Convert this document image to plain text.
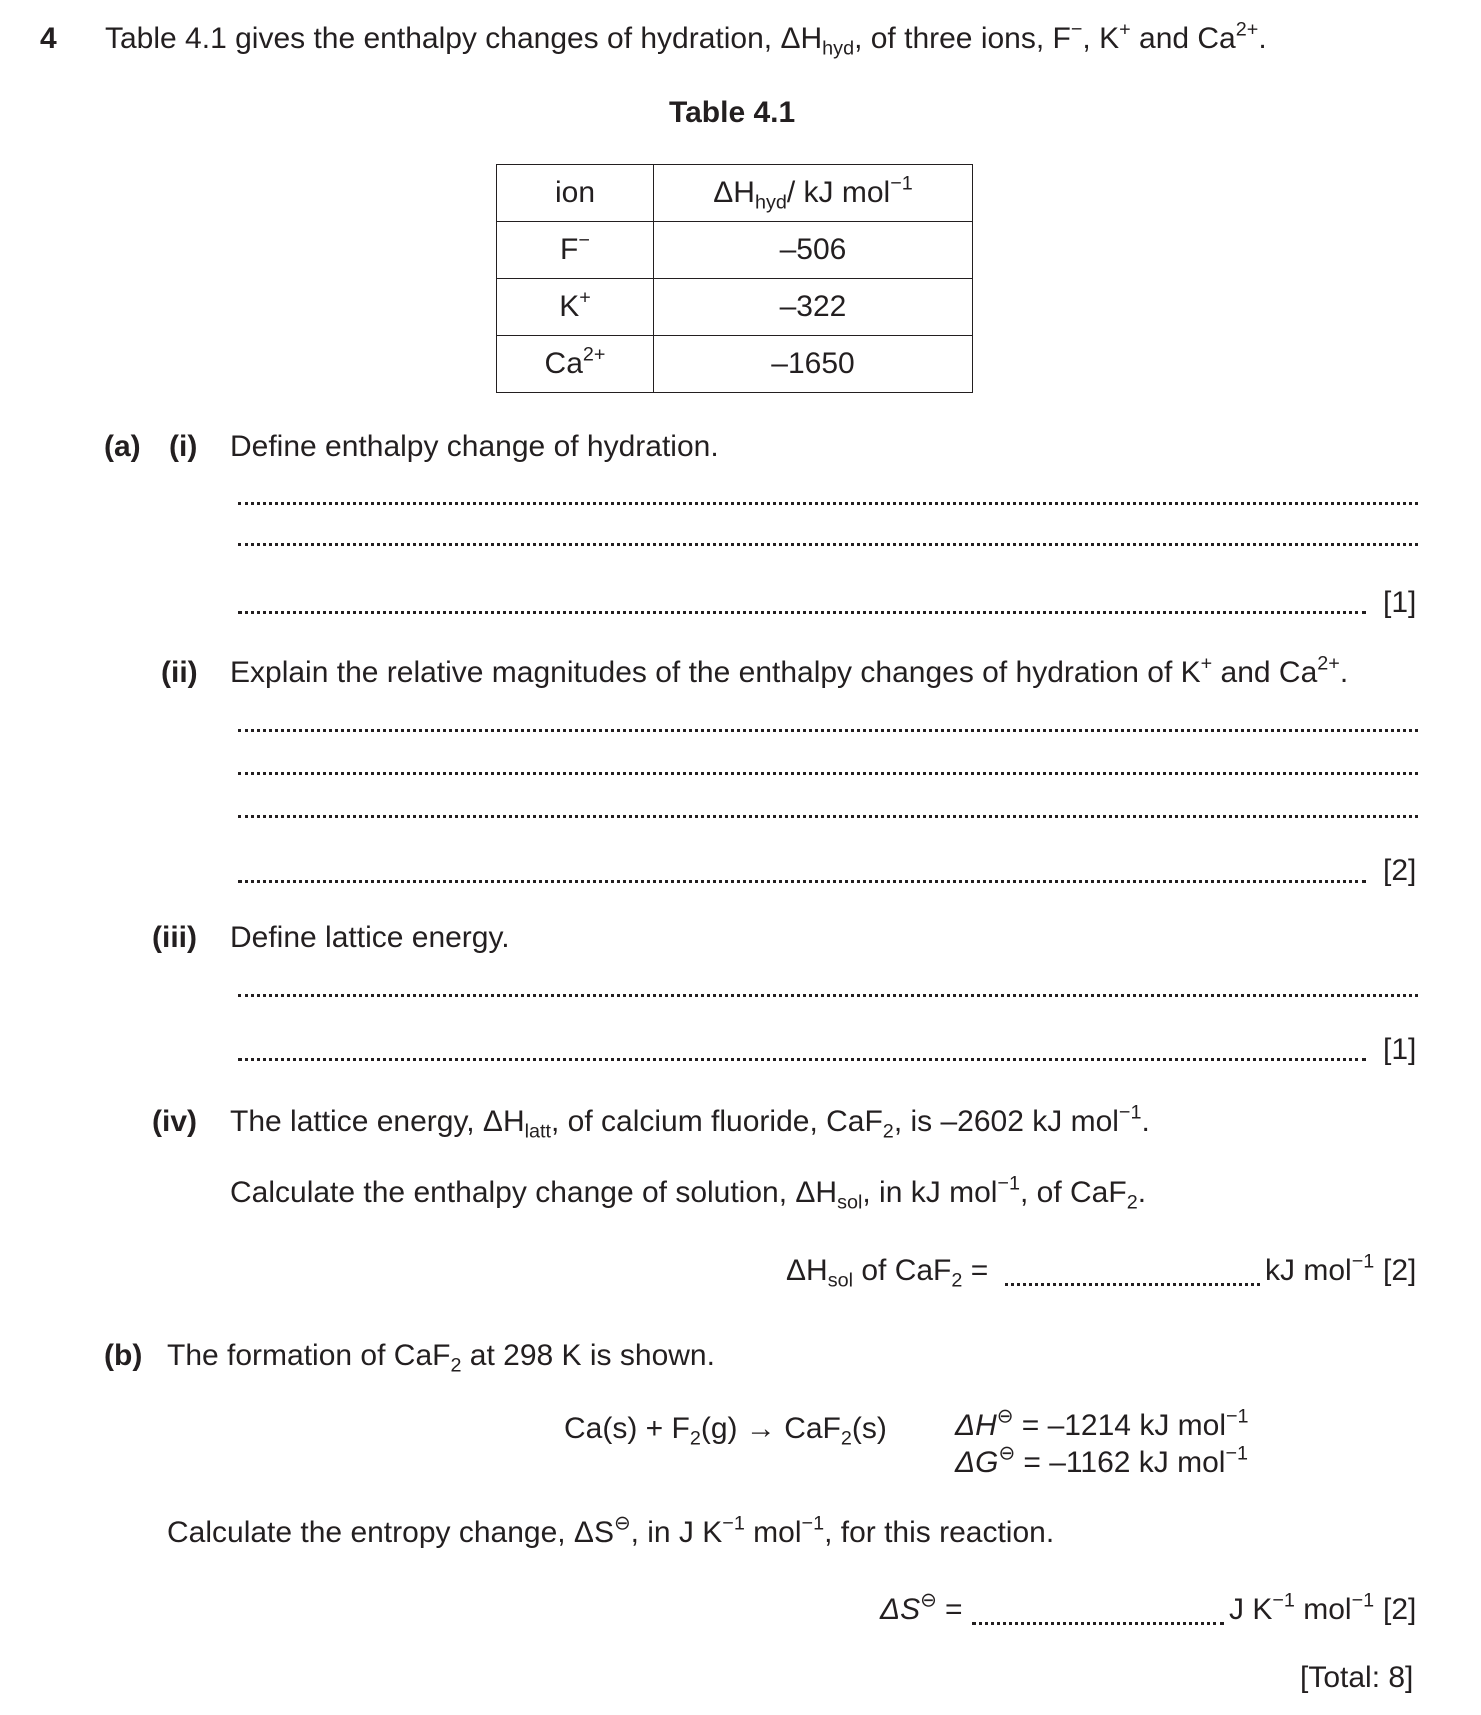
4 Table 4.1 gives the enthalpy changes of hydration, $\Delta H_{hyd}$, of three ions, F−, K+ and $Ca^{2+}$.
Table 4.1
ion	$\Delta H_{hyd}/$ kJ mol$^{-1}$
F−	–506
K+	–322
$Ca^{2+}$	–1650
(a) (i) Define enthalpy change of hydration.
[1]
(ii) Explain the relative magnitudes of the enthalpy changes of hydration of K+ and $Ca^{2+}$.
[2]
(iii) Define lattice energy.
[1]
(iv) The lattice energy, $\Delta H_{latt}$, of calcium fluoride, CaF$_2$, is –2602 kJ mol$^{-1}$.
Calculate the enthalpy change of solution, $\Delta H_{sol}$, in kJ mol$^{-1}$, of CaF$_2$.
$\Delta H_{sol}$ of CaF$_2$ =	kJ mol$^{-1}$ [2]
(b) The formation of CaF$_2$ at 298 K is shown.
$Ca(s) + F_2(g) \to CaF_2(s) \Delta H^⊖ = -1214$ kJ mol$^{-1}$
ΔG⊖ = –1162 kJ mol$^{-1}$
Calculate the entropy change, ΔS⊖, in J $K^{-1}$ mol$^{-1}$, for this reaction.
ΔS⊖ =	J $K^{-1}$ mol$^{-1}$ [2]
[Total: 8]
